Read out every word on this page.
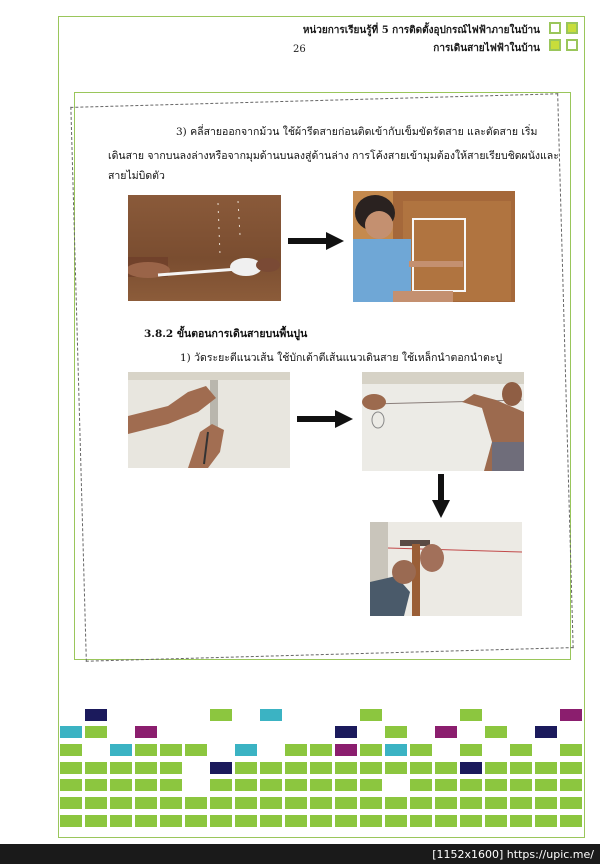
หน่วยการเรียนรู้ที่ 5 การติดตั้งอุปกรณ์ไฟฟ้าภายในบ้าน
การเดินสายไฟฟ้าในบ้าน
26
3) คลี่สายออกจากม้วน ใช้ผ้ารีดสายก่อนติดเข้ากับเข็มขัดรัดสาย และตัดสาย เริ่ม
เดินสาย จากบนลงล่างหรือจากมุมด้านบนลงสู่ด้านล่าง การโค้งสายเข้ามุมต้องให้สายเรียบชิดผนังและ
สายไม่บิดตัว
3.8.2 ขั้นตอนการเดินสายบนพื้นปูน
1) วัดระยะตีแนวเส้น ใช้บักเต้าตีเส้นแนวเดินสาย ใช้เหล็กนำตอกนำตะปู
[1152x1600] https://upic.me/
